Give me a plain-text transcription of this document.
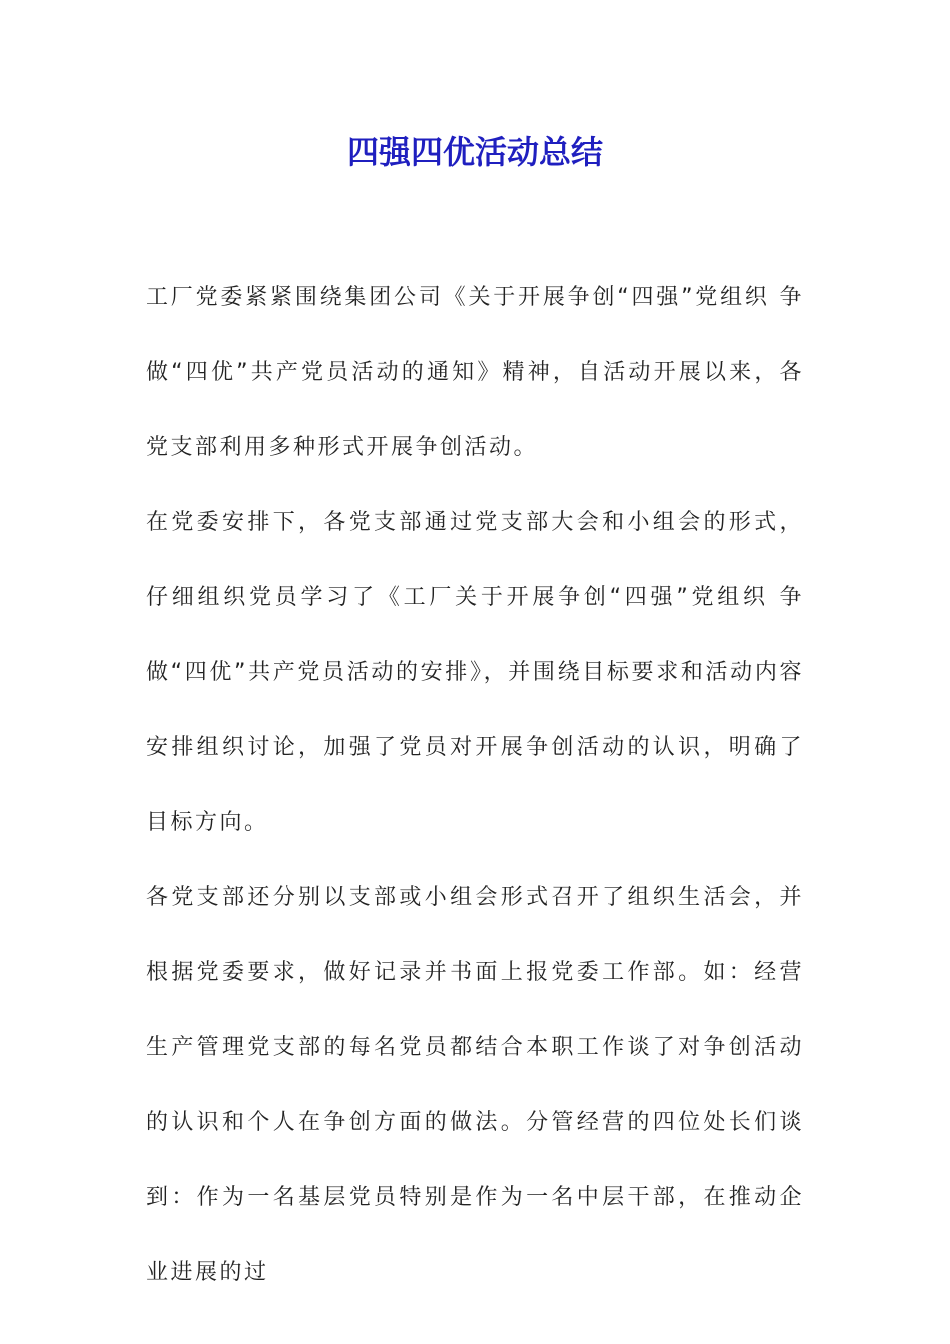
四强四优活动总结

工厂党委紧紧围绕集团公司《关于开展争创“四强”党组织 争做“四优”共产党员活动的通知》精神，自活动开展以来，各党支部利用多种形式开展争创活动。

在党委安排下，各党支部通过党支部大会和小组会的形式，仔细组织党员学习了《工厂关于开展争创“四强”党组织 争做“四优”共产党员活动的安排》，并围绕目标要求和活动内容安排组织讨论，加强了党员对开展争创活动的认识，明确了目标方向。

各党支部还分别以支部或小组会形式召开了组织生活会，并根据党委要求，做好记录并书面上报党委工作部。如：经营生产管理党支部的每名党员都结合本职工作谈了对争创活动的认识和个人在争创方面的做法。分管经营的四位处长们谈到：作为一名基层党员特别是作为一名中层干部，在推动企业进展的过
